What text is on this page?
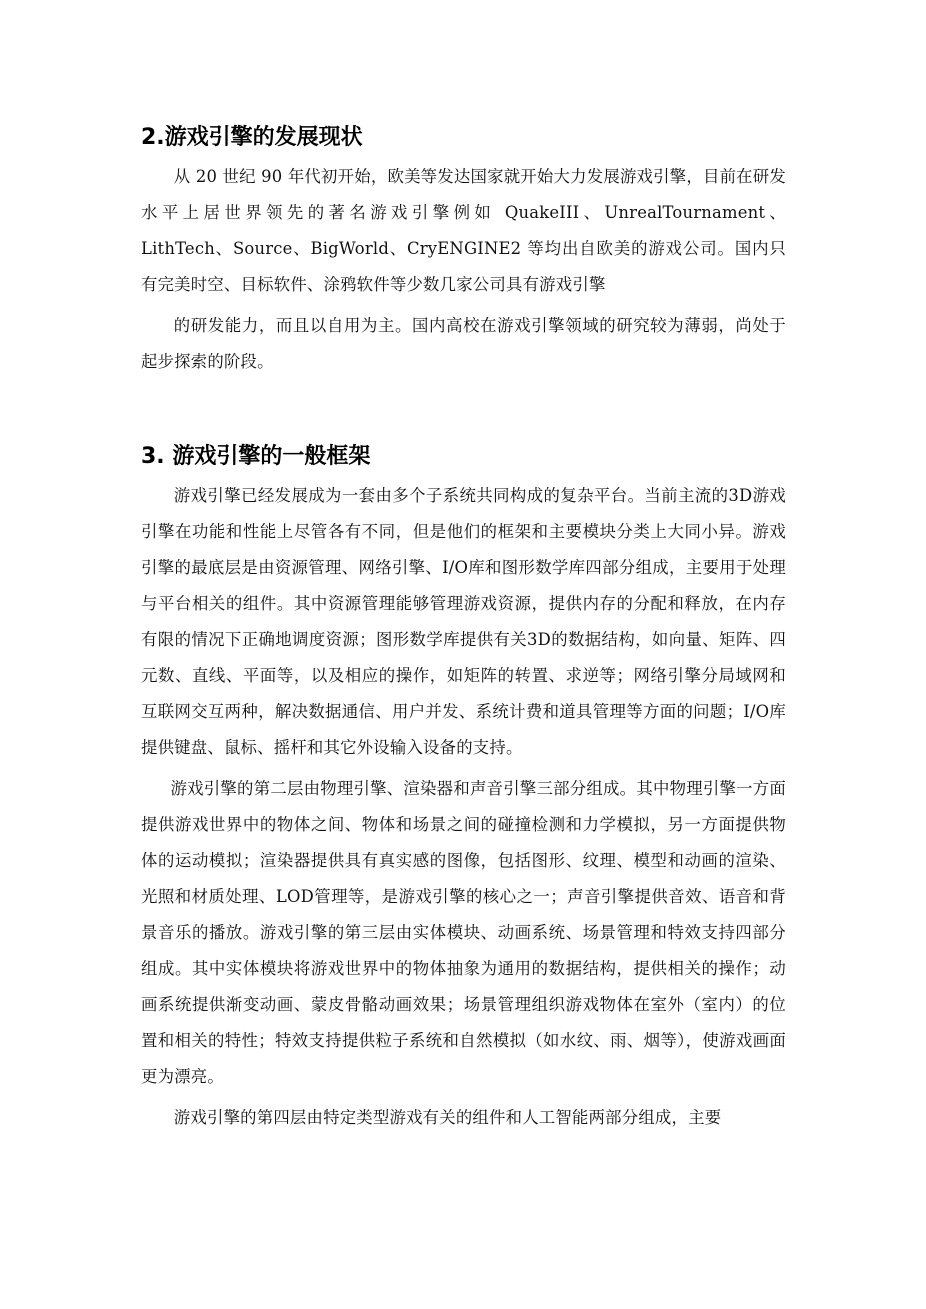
2.游戏引擎的发展现状

从 20 世纪 90 年代初开始，欧美等发达国家就开始大力发展游戏引擎，目前在研发水平上居世界领先的著名游戏引擎例如 QuakeIII、UnrealTournament、LithTech、Source、BigWorld、CryENGINE2 等均出自欧美的游戏公司。国内只有完美时空、目标软件、涂鸦软件等少数几家公司具有游戏引擎

的研发能力，而且以自用为主。国内高校在游戏引擎领域的研究较为薄弱，尚处于起步探索的阶段。

3. 游戏引擎的一般框架

游戏引擎已经发展成为一套由多个子系统共同构成的复杂平台。当前主流的3D游戏引擎在功能和性能上尽管各有不同，但是他们的框架和主要模块分类上大同小异。游戏引擎的最底层是由资源管理、网络引擎、I/O库和图形数学库四部分组成，主要用于处理与平台相关的组件。其中资源管理能够管理游戏资源，提供内存的分配和释放，在内存有限的情况下正确地调度资源；图形数学库提供有关3D的数据结构，如向量、矩阵、四元数、直线、平面等，以及相应的操作，如矩阵的转置、求逆等；网络引擎分局域网和互联网交互两种，解决数据通信、用户并发、系统计费和道具管理等方面的问题；I/O库提供键盘、鼠标、摇杆和其它外设输入设备的支持。

游戏引擎的第二层由物理引擎、渲染器和声音引擎三部分组成。其中物理引擎一方面提供游戏世界中的物体之间、物体和场景之间的碰撞检测和力学模拟，另一方面提供物体的运动模拟；渲染器提供具有真实感的图像，包括图形、纹理、模型和动画的渲染、光照和材质处理、LOD管理等，是游戏引擎的核心之一；声音引擎提供音效、语音和背景音乐的播放。游戏引擎的第三层由实体模块、动画系统、场景管理和特效支持四部分组成。其中实体模块将游戏世界中的物体抽象为通用的数据结构，提供相关的操作；动画系统提供渐变动画、蒙皮骨骼动画效果；场景管理组织游戏物体在室外（室内）的位置和相关的特性；特效支持提供粒子系统和自然模拟（如水纹、雨、烟等），使游戏画面更为漂亮。

游戏引擎的第四层由特定类型游戏有关的组件和人工智能两部分组成，主要
